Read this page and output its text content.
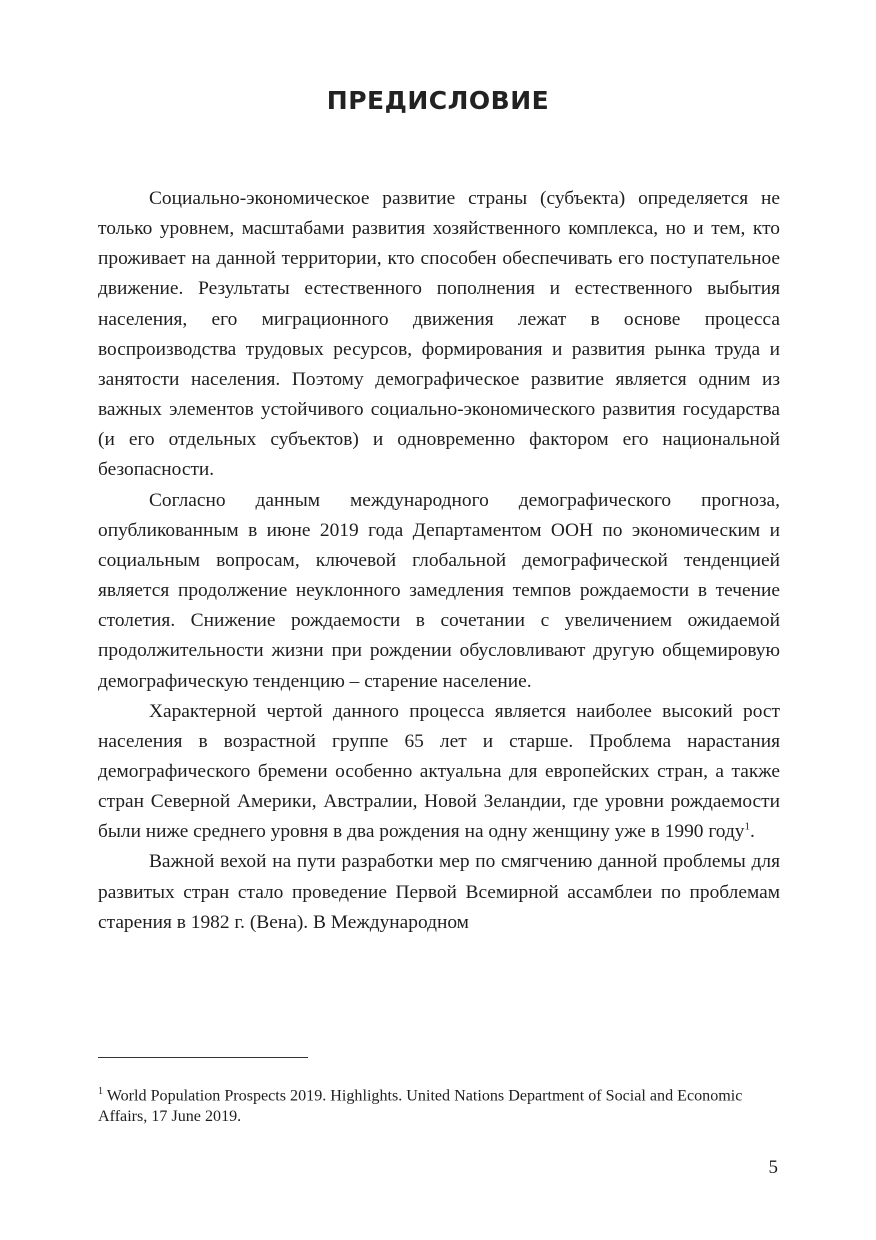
ПРЕДИСЛОВИЕ

Социально-экономическое развитие страны (субъекта) определяется не только уровнем, масштабами развития хозяйственного комплекса, но и тем, кто проживает на данной территории, кто способен обеспечивать его поступательное движение. Результаты естественного пополнения и естественного выбытия населения, его миграционного движения лежат в основе процесса воспроизводства трудовых ресурсов, формирования и развития рынка труда и занятости населения. Поэтому демографическое развитие является одним из важных элементов устойчивого социально-экономического развития государства (и его отдельных субъектов) и одновременно фактором его национальной безопасности.

Согласно данным международного демографического прогноза, опубликованным в июне 2019 года Департаментом ООН по экономическим и социальным вопросам, ключевой глобальной демографической тенденцией является продолжение неуклонного замедления темпов рождаемости в течение столетия. Снижение рождаемости в сочетании с увеличением ожидаемой продолжительности жизни при рождении обусловливают другую общемировую демографическую тенденцию – старение население.

Характерной чертой данного процесса является наиболее высокий рост населения в возрастной группе 65 лет и старше. Проблема нарастания демографического бремени особенно актуальна для европейских стран, а также стран Северной Америки, Австралии, Новой Зеландии, где уровни рождаемости были ниже среднего уровня в два рождения на одну женщину уже в 1990 году$^1$.

Важной вехой на пути разработки мер по смягчению данной проблемы для развитых стран стало проведение Первой Всемирной ассамблеи по проблемам старения в 1982 г. (Вена). В Международном

$^1$ World Population Prospects 2019. Highlights. United Nations Department of Social and Economic Affairs, 17 June 2019.

5
